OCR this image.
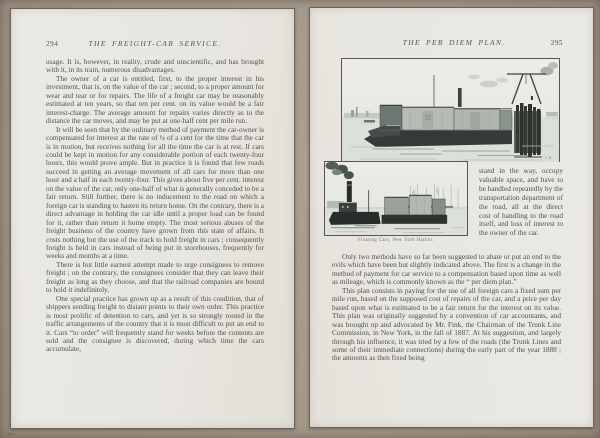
294	THE FREIGHT-CAR SERVICE.

usage. It is, however, in reality, crude and unscientific, and has brought with it, in its train, numerous disadvantages.

The owner of a car is entitled, first, to the proper interest in his investment, that is, on the value of the car ; second, to a proper amount for wear and tear or for repairs. The life of a freight car may be reasonably estimated at ten years, so that ten per cent. on its value would be a fair interest-charge. The average amount for repairs varies directly as to the distance the car moves, and may be put at one-half cent per mile run.

It will be seen that by the ordinary method of payment the car-owner is compensated for interest at the rate of ¼ of a cent for the time that the car is in motion, but receives nothing for all the time the car is at rest. If cars could be kept in motion for any considerable portion of each twenty-four hours, this would prove ample. But in practice it is found that few roads succeed in getting an average movement of all cars for more than one hour and a half in each twenty-four. This gives about five per cent. interest on the value of the car, only one-half of what is generally conceded to be a fair return. Still further, there is no inducement to the road on which a foreign car is standing to hasten its return home. On the contrary, there is a direct advantage in holding the car idle until a proper load can be found for it, rather than return it home empty. The most serious abuses of the freight business of the country have grown from this state of affairs. It costs nothing but the use of the track to hold freight in cars ; consequently freight is held in cars instead of being put in storehouses, frequently for weeks and months at a time.

There is but little earnest attempt made to urge consignees to remove freight ; on the contrary, the consignees consider that they can leave their freight as long as they choose, and that the railroad companies are bound to hold it indefinitely.

One special practice has grown up as a result of this condition, that of shippers sending freight to distant points to their own order. This practice is most prolific of detention to cars, and yet is so strongly rooted in the traffic arrangements of the country that it is most difficult to put an end to it. Cars “to order” will frequently stand for weeks before the contents are sold and the consignee is discovered, during which time the cars accumulate,

THE PER DIEM PLAN.	295
J. R.
Floating Cars, New York Harbor.
stand in the way, occupy valuable space, and have to be handled repeatedly by the transportation department of the road, all at the direct cost of handling to the road itself, and loss of interest to the owner of the car.

Only two methods have so far been suggested to abate or put an end to the evils which have been but slightly indicated above. The first is a change in the method of payment for car service to a compensation based upon time as well as mileage, which is commonly known as the “ per diem plan.”

This plan consists in paying for the use of all foreign cars a fixed sum per mile run, based on the supposed cost of repairs of the car, and a price per day based upon what is estimated to be a fair return for the interest on its value. This plan was originally suggested by a convention of car accountants, and was brought up and advocated by Mr. Fink, the Chairman of the Trunk Line Commission, in New York, in the fall of 1887. At his suggestion, and largely through his influence, it was tried by a few of the roads (the Trunk Lines and some of their immediate connections) during the early part of the year 1888 ; the amounts as then fixed being
